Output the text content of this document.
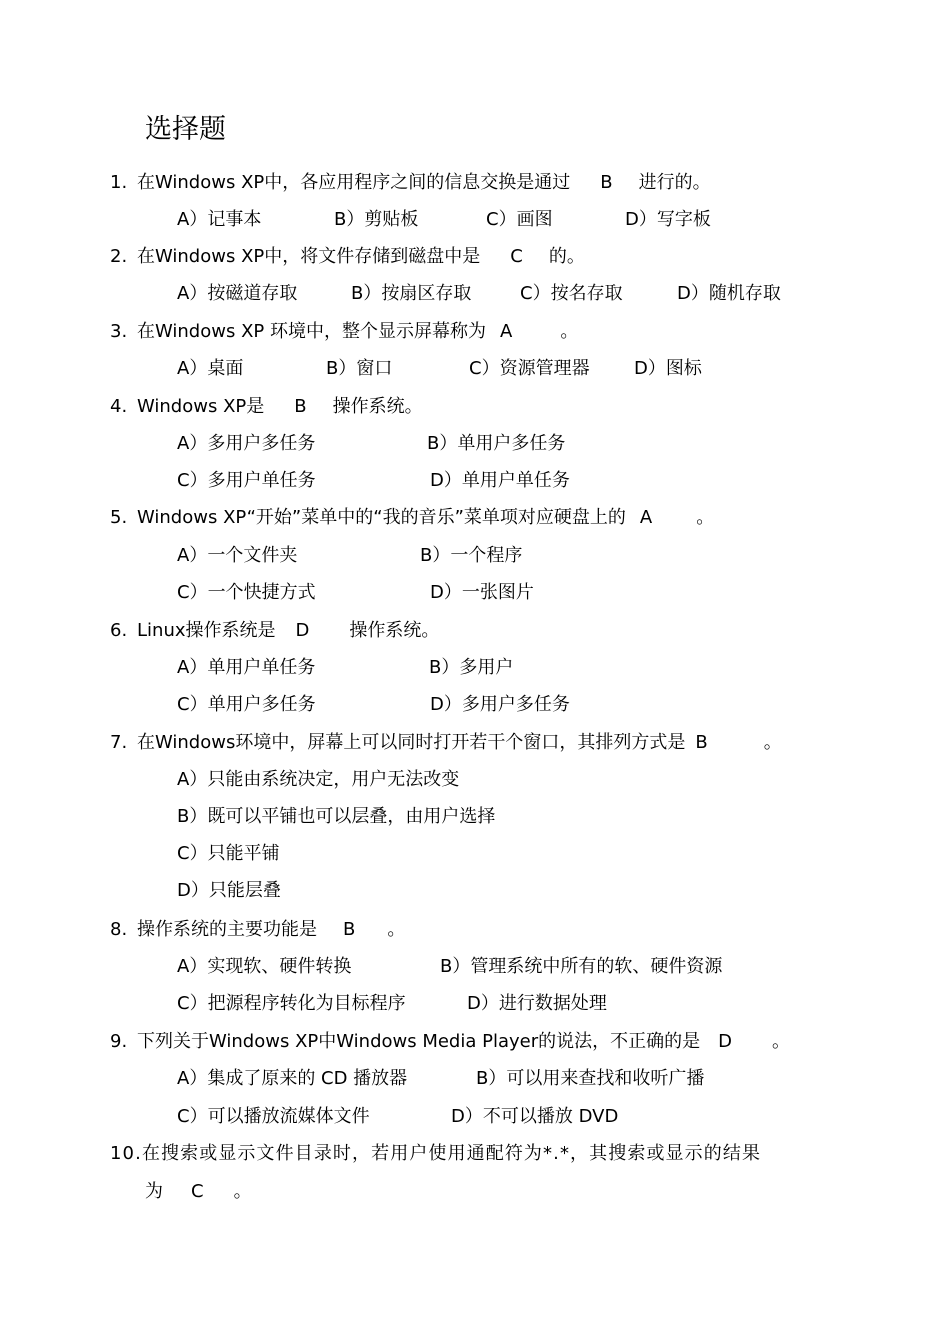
选择题
1. 在Windows XP中，各应用程序之间的信息交换是通过 B 进行的。
A）记事本	B）剪贴板	C）画图	D）写字板
2. 在Windows XP中，将文件存储到磁盘中是 C 的。
A）按磁道存取	B）按扇区存取	C）按名存取	D）随机存取
3. 在Windows XP 环境中，整个显示屏幕称为 A	。
A）桌面	B）窗口	C）资源管理器 D）图标
4. Windows XP是 B 操作系统。
A）多用户多任务	B）单用户多任务
C）多用户单任务	D）单用户单任务
5. Windows XP“开始”菜单中的“我的音乐”菜单项对应硬盘上的 A 。
A）一个文件夹	B）一个程序
C）一个快捷方式	D）一张图片
6. Linux操作系统是 D 操作系统。
A）单用户单任务	B）多用户
C）单用户多任务	D）多用户多任务
7. 在Windows环境中，屏幕上可以同时打开若干个窗口，其排列方式是 B	。
A）只能由系统决定，用户无法改变
B）既可以平铺也可以层叠，由用户选择
C）只能平铺
D）只能层叠
8. 操作系统的主要功能是 B 。
A）实现软、硬件转换	B）管理系统中所有的软、硬件资源
C）把源程序转化为目标程序	D）进行数据处理
9. 下列关于Windows XP中Windows Media Player的说法，不正确的是 D 。
A）集成了原来的 CD 播放器	B）可以用来查找和收听广播
C）可以播放流媒体文件	D）不可以播放 DVD
10.在搜索或显示文件目录时，若用户使用通配符为*.*，其搜索或显示的结果
为 C 。
